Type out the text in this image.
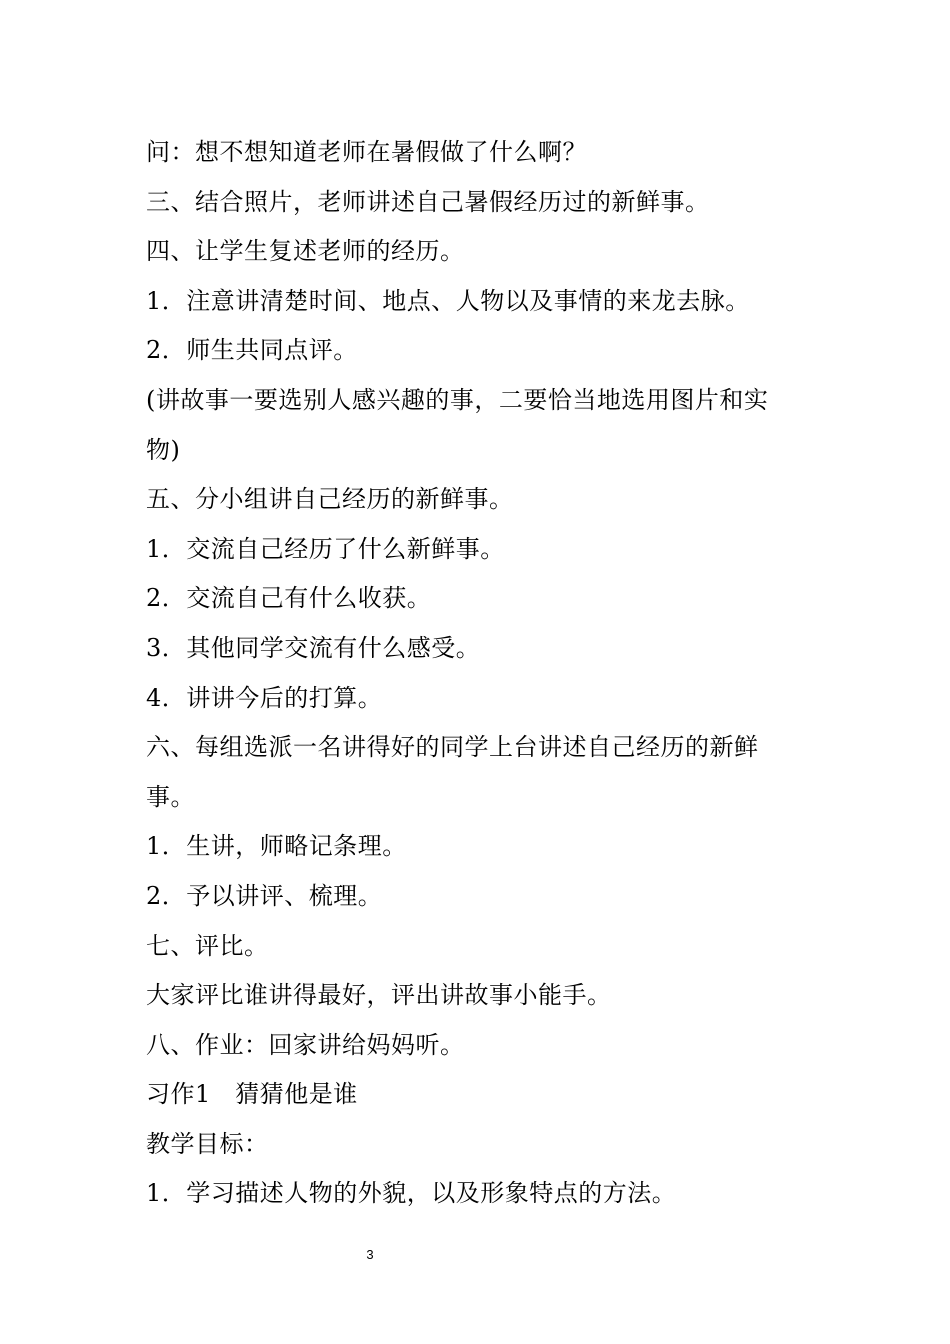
问：想不想知道老师在暑假做了什么啊？
三、结合照片，老师讲述自己暑假经历过的新鲜事。
四、让学生复述老师的经历。
1．注意讲清楚时间、地点、人物以及事情的来龙去脉。
2．师生共同点评。
(讲故事一要选别人感兴趣的事，二要恰当地选用图片和实
物)
五、分小组讲自己经历的新鲜事。
1．交流自己经历了什么新鲜事。
2．交流自己有什么收获。
3．其他同学交流有什么感受。
4．讲讲今后的打算。
六、每组选派一名讲得好的同学上台讲述自己经历的新鲜
事。
1．生讲，师略记条理。
2．予以讲评、梳理。
七、评比。
大家评比谁讲得最好，评出讲故事小能手。
八、作业：回家讲给妈妈听。
习作1　猜猜他是谁
教学目标：
1．学习描述人物的外貌，以及形象特点的方法。
3
